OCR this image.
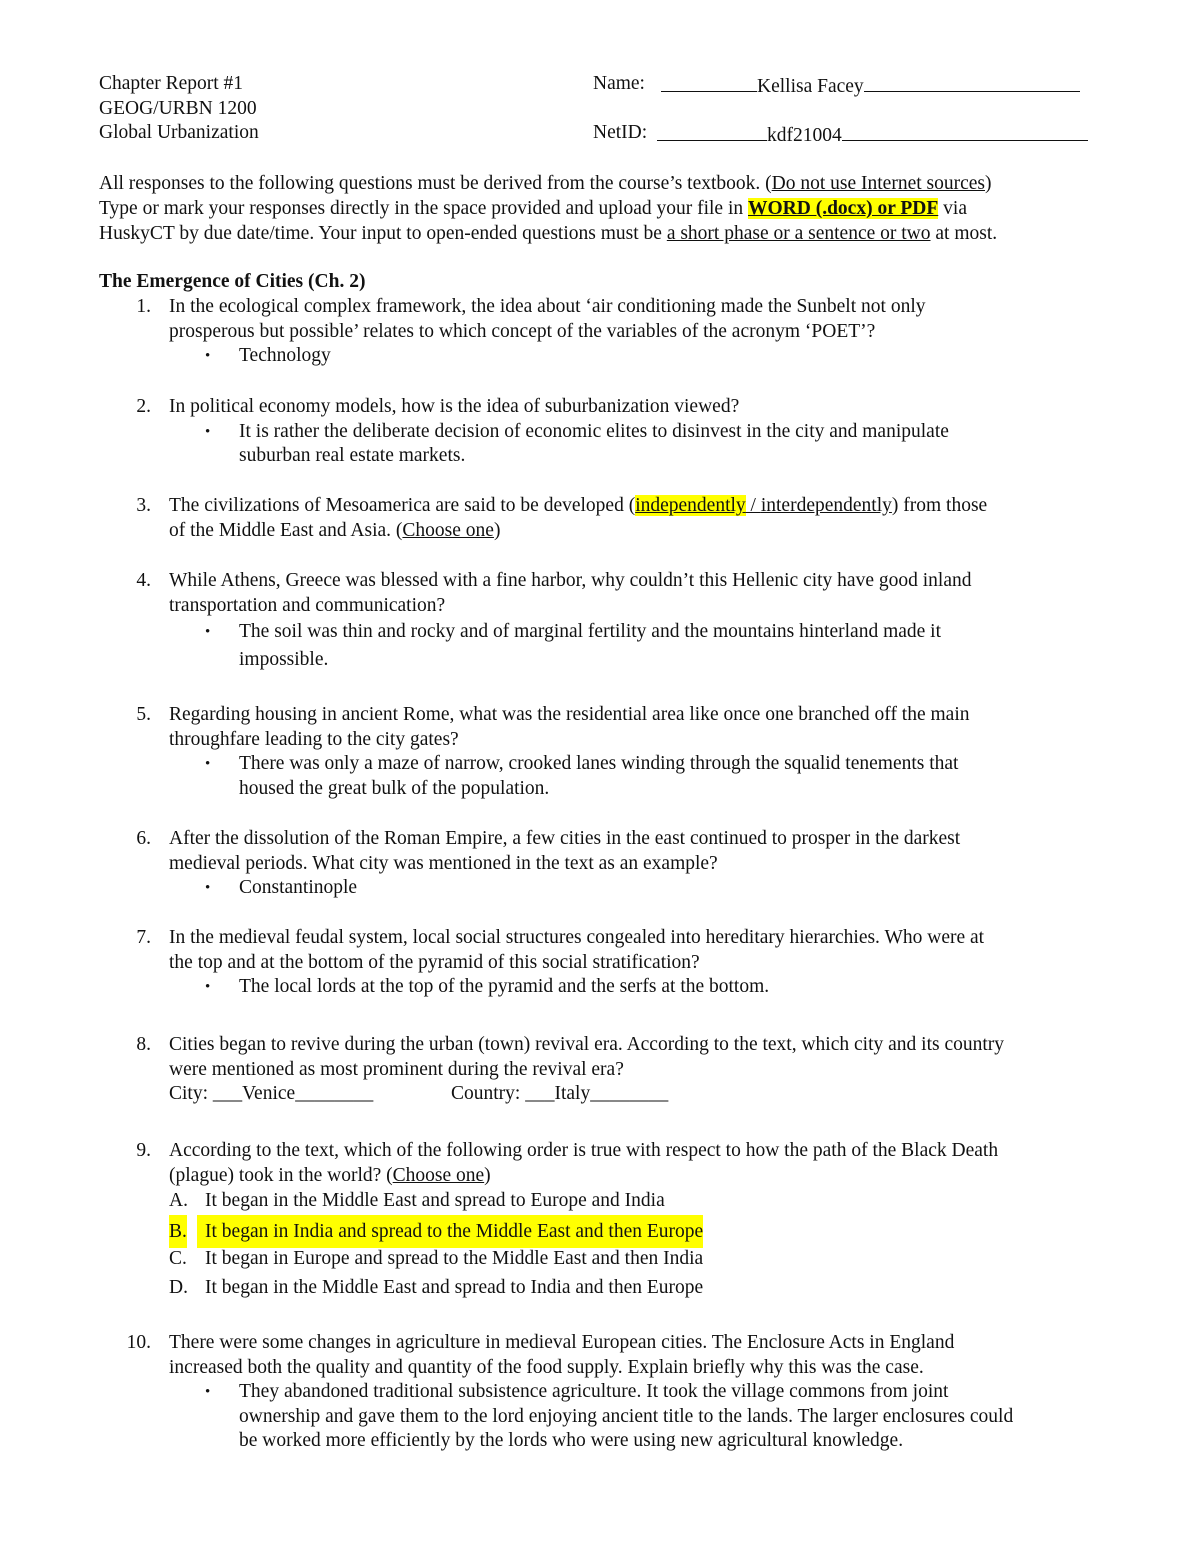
Chapter Report #1
GEOG/URBN 1200
Global Urbanization
Name:	Kellisa Facey
NetID:	kdf21004
All responses to the following questions must be derived from the course’s textbook. (Do not use Internet sources)
Type or mark your responses directly in the space provided and upload your file in WORD (.docx) or PDF via
HuskyCT by due date/time. Your input to open-ended questions must be a short phase or a sentence or two at most.
The Emergence of Cities (Ch. 2)
1. In the ecological complex framework, the idea about ‘air conditioning made the Sunbelt not only
prosperous but possible’ relates to which concept of the variables of the acronym ‘POET’?
• Technology
2. In political economy models, how is the idea of suburbanization viewed?
• It is rather the deliberate decision of economic elites to disinvest in the city and manipulate
suburban real estate markets.
3. The civilizations of Mesoamerica are said to be developed (independently / interdependently) from those
of the Middle East and Asia. (Choose one)
4. While Athens, Greece was blessed with a fine harbor, why couldn’t this Hellenic city have good inland
transportation and communication?
• The soil was thin and rocky and of marginal fertility and the mountains hinterland made it
impossible.
5. Regarding housing in ancient Rome, what was the residential area like once one branched off the main
throughfare leading to the city gates?
• There was only a maze of narrow, crooked lanes winding through the squalid tenements that
housed the great bulk of the population.
6. After the dissolution of the Roman Empire, a few cities in the east continued to prosper in the darkest
medieval periods. What city was mentioned in the text as an example?
• Constantinople
7. In the medieval feudal system, local social structures congealed into hereditary hierarchies. Who were at
the top and at the bottom of the pyramid of this social stratification?
• The local lords at the top of the pyramid and the serfs at the bottom.
8. Cities began to revive during the urban (town) revival era. According to the text, which city and its country
were mentioned as most prominent during the revival era?
City: ___Venice________	Country: ___Italy________
9. According to the text, which of the following order is true with respect to how the path of the Black Death
(plague) took in the world? (Choose one)
A. It began in the Middle East and spread to Europe and India
B. It began in India and spread to the Middle East and then Europe
C. It began in Europe and spread to the Middle East and then India
D. It began in the Middle East and spread to India and then Europe
10. There were some changes in agriculture in medieval European cities. The Enclosure Acts in England
increased both the quality and quantity of the food supply. Explain briefly why this was the case.
• They abandoned traditional subsistence agriculture. It took the village commons from joint
ownership and gave them to the lord enjoying ancient title to the lands. The larger enclosures could
be worked more efficiently by the lords who were using new agricultural knowledge.
